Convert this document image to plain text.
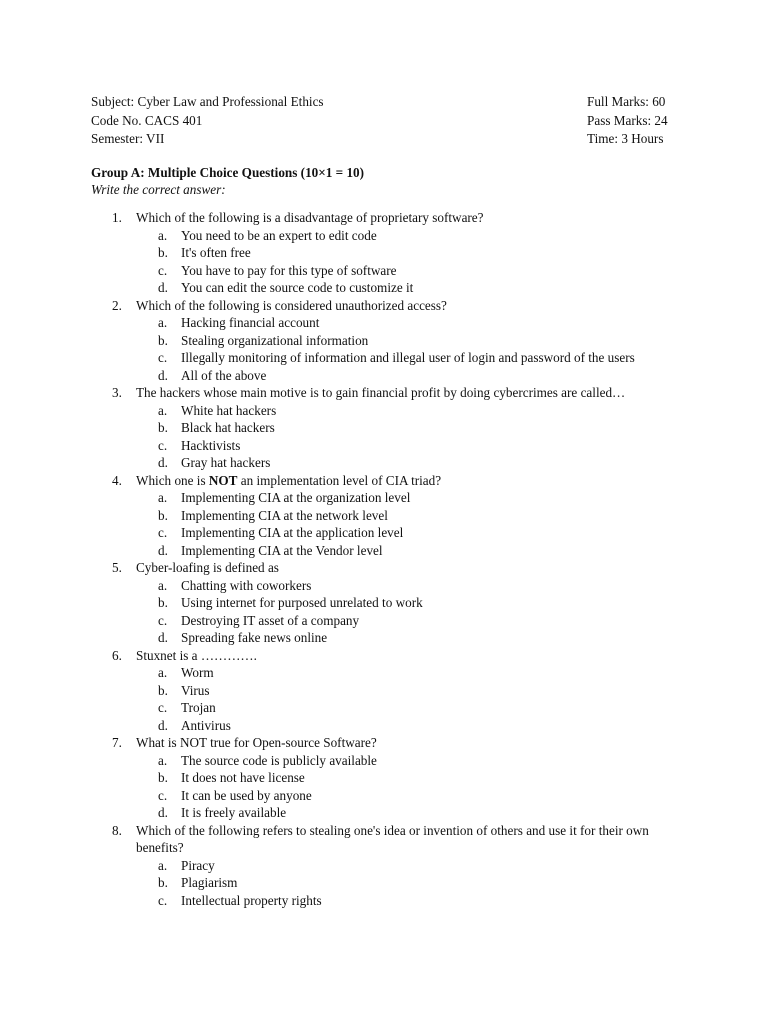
Subject: Cyber Law and Professional Ethics	Full Marks: 60
Code No. CACS 401	Pass Marks: 24
Semester: VII	Time: 3 Hours
Group A: Multiple Choice Questions (10×1 = 10)
Write the correct answer:
1. Which of the following is a disadvantage of proprietary software?
a. You need to be an expert to edit code
b. It's often free
c. You have to pay for this type of software
d. You can edit the source code to customize it
2. Which of the following is considered unauthorized access?
a. Hacking financial account
b. Stealing organizational information
c. Illegally monitoring of information and illegal user of login and password of the users
d. All of the above
3. The hackers whose main motive is to gain financial profit by doing cybercrimes are called…
a. White hat hackers
b. Black hat hackers
c. Hacktivists
d. Gray hat hackers
4. Which one is NOT an implementation level of CIA triad?
a. Implementing CIA at the organization level
b. Implementing CIA at the network level
c. Implementing CIA at the application level
d. Implementing CIA at the Vendor level
5. Cyber-loafing is defined as
a. Chatting with coworkers
b. Using internet for purposed unrelated to work
c. Destroying IT asset of a company
d. Spreading fake news online
6. Stuxnet is a ………….
a. Worm
b. Virus
c. Trojan
d. Antivirus
7. What is NOT true for Open-source Software?
a. The source code is publicly available
b. It does not have license
c. It can be used by anyone
d. It is freely available
8. Which of the following refers to stealing one's idea or invention of others and use it for their own benefits?
a. Piracy
b. Plagiarism
c. Intellectual property rights
